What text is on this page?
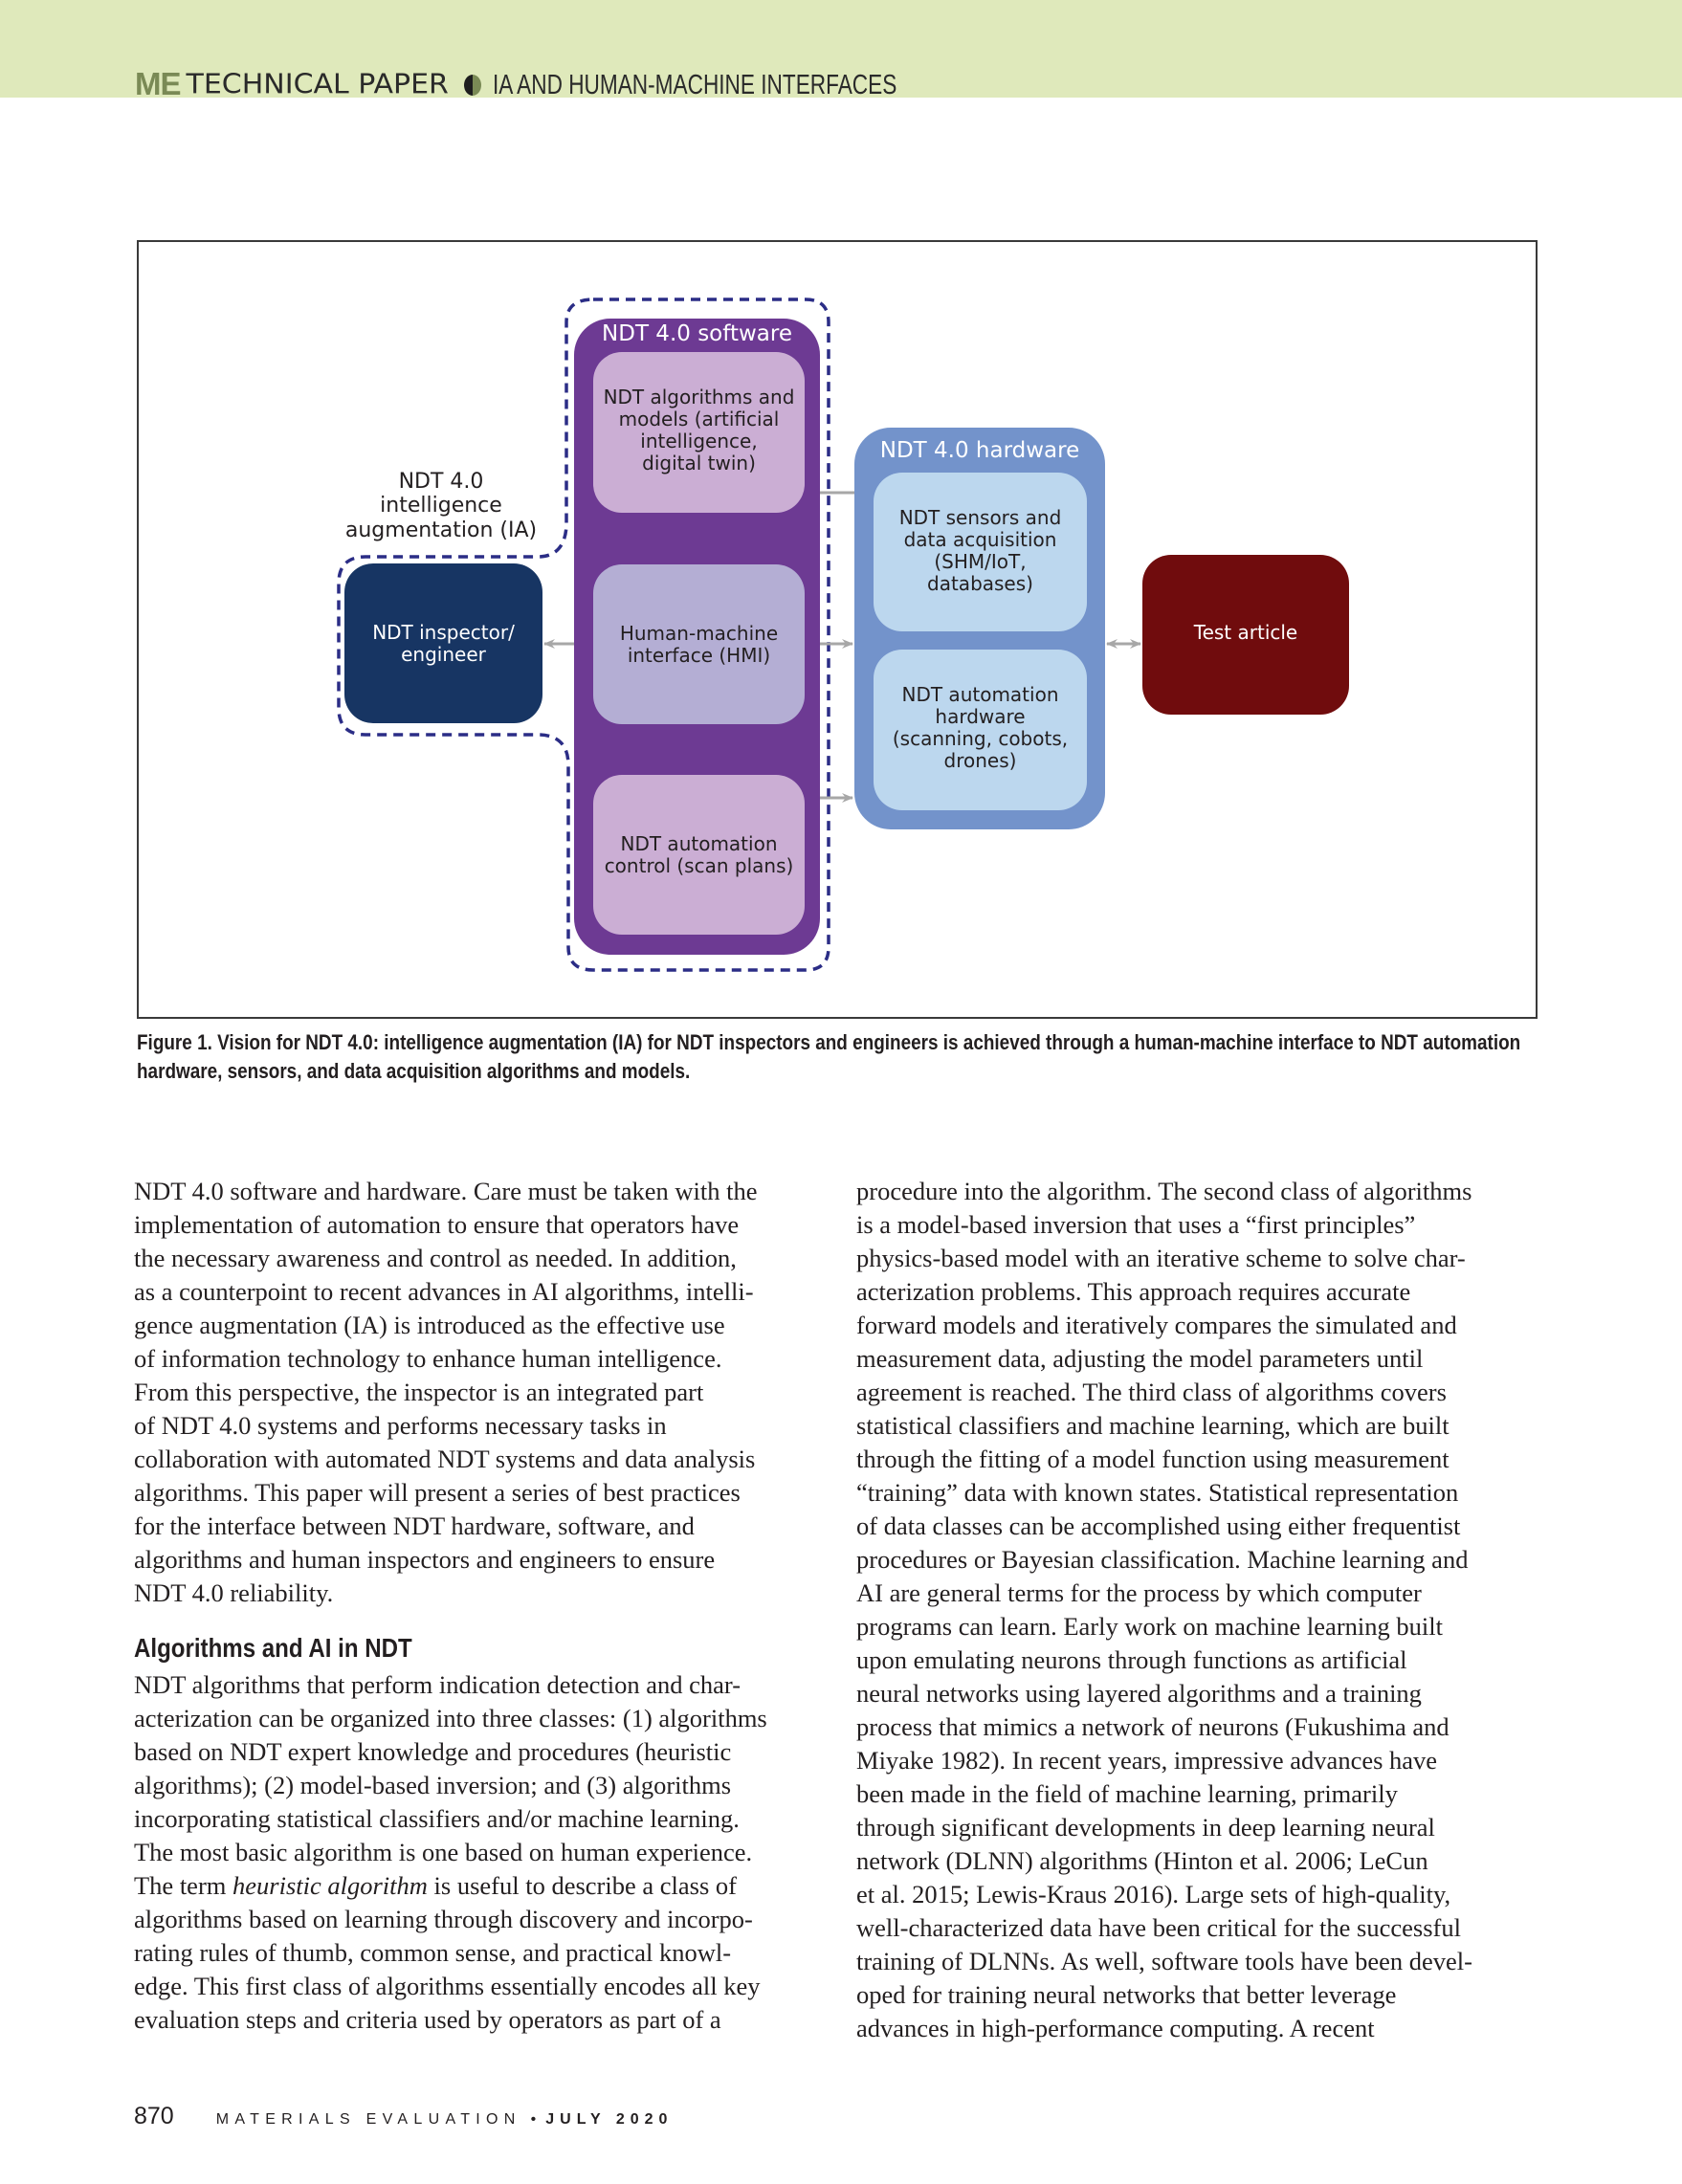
ME TECHNICAL PAPER IA AND HUMAN-MACHINE INTERFACES
NDT 4.0
intelligence
augmentation (IA)
NDT inspector/
engineer
NDT 4.0 software
NDT algorithms and
models (artificial
intelligence,
digital twin)
Human-machine
interface (HMI)
NDT automation
control (scan plans)
NDT 4.0 hardware
NDT sensors and
data acquisition
(SHM/IoT,
databases)
NDT automation
hardware
(scanning, cobots,
drones)
Test article
Figure 1. Vision for NDT 4.0: intelligence augmentation (IA) for NDT inspectors and engineers is achieved through a human-machine interface to NDT automation hardware, sensors, and data acquisition algorithms and models.

NDT 4.0 software and hardware. Care must be taken with the
implementation of automation to ensure that operators have
the necessary awareness and control as needed. In addition,
as a counterpoint to recent advances in AI algorithms, intelli-
gence augmentation (IA) is introduced as the effective use
of information technology to enhance human intelligence.
From this perspective, the inspector is an integrated part
of NDT 4.0 systems and performs necessary tasks in
collaboration with automated NDT systems and data analysis
algorithms. This paper will present a series of best practices
for the interface between NDT hardware, software, and
algorithms and human inspectors and engineers to ensure
NDT 4.0 reliability.

Algorithms and AI in NDT

NDT algorithms that perform indication detection and char-
acterization can be organized into three classes: (1) algorithms
based on NDT expert knowledge and procedures (heuristic
algorithms); (2) model-based inversion; and (3) algorithms
incorporating statistical classifiers and/or machine learning.
The most basic algorithm is one based on human experience.
The term heuristic algorithm is useful to describe a class of
algorithms based on learning through discovery and incorpo-
rating rules of thumb, common sense, and practical knowl-
edge. This first class of algorithms essentially encodes all key
evaluation steps and criteria used by operators as part of a

procedure into the algorithm. The second class of algorithms
is a model-based inversion that uses a “first principles”
physics-based model with an iterative scheme to solve char-
acterization problems. This approach requires accurate
forward models and iteratively compares the simulated and
measurement data, adjusting the model parameters until
agreement is reached. The third class of algorithms covers
statistical classifiers and machine learning, which are built
through the fitting of a model function using measurement
“training” data with known states. Statistical representation
of data classes can be accomplished using either frequentist
procedures or Bayesian classification. Machine learning and
AI are general terms for the process by which computer
programs can learn. Early work on machine learning built
upon emulating neurons through functions as artificial
neural networks using layered algorithms and a training
process that mimics a network of neurons (Fukushima and
Miyake 1982). In recent years, impressive advances have
been made in the field of machine learning, primarily
through significant developments in deep learning neural
network (DLNN) algorithms (Hinton et al. 2006; LeCun
et al. 2015; Lewis-Kraus 2016). Large sets of high-quality,
well-characterized data have been critical for the successful
training of DLNNs. As well, software tools have been devel-
oped for training neural networks that better leverage
advances in high-performance computing. A recent

870	MATERIALS EVALUATION • JULY 2020
